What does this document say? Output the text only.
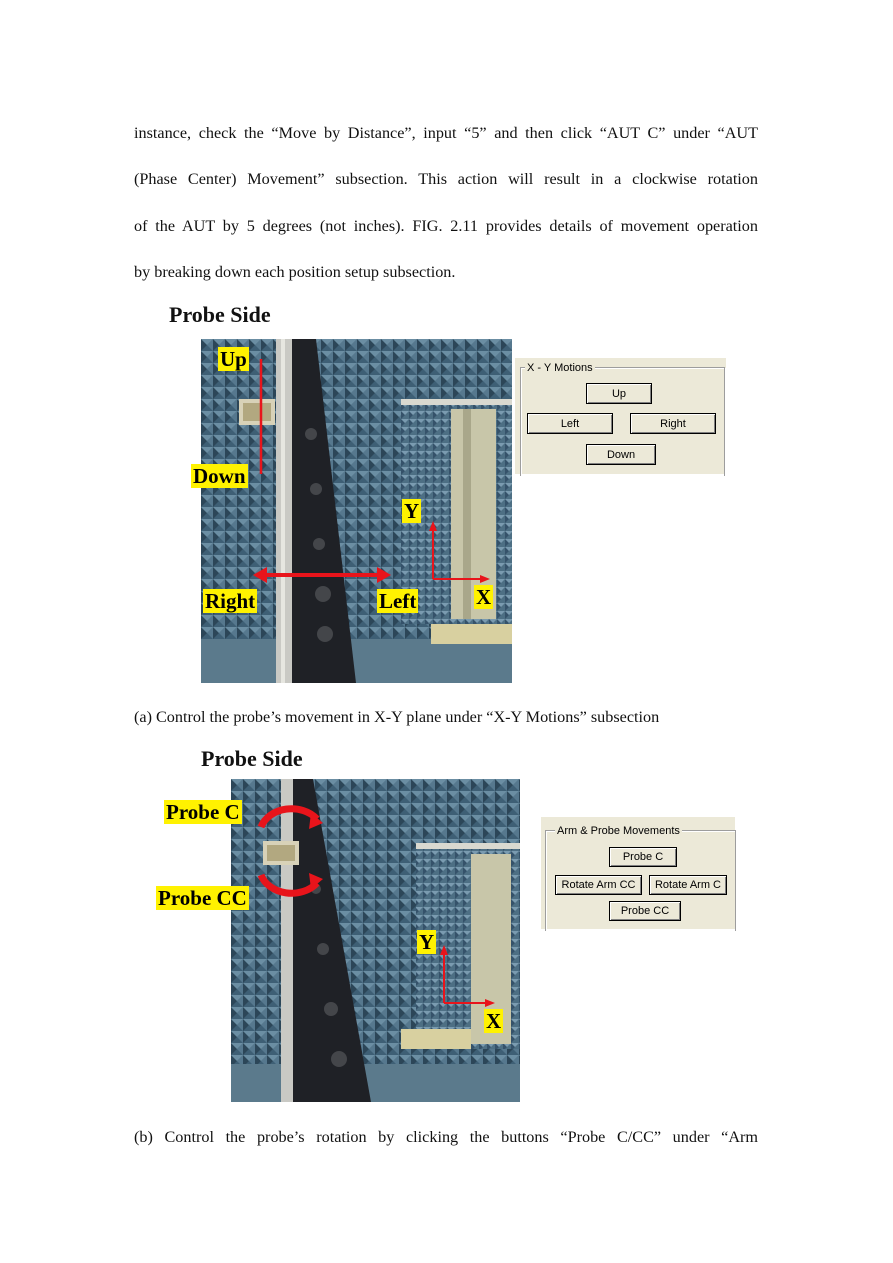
instance, check the “Move by Distance”, input “5” and then click “AUT C” under “AUT
(Phase Center) Movement” subsection. This action will result in a clockwise rotation
of the AUT by 5 degrees (not inches). FIG. 2.11 provides details of movement operation
by breaking down each position setup subsection.
Probe Side
Up
Down
Right	Left
Y
X
X - Y Motions
Up
Left	Right
Down

(a) Control the probe’s movement in X-Y plane under “X-Y Motions” subsection

Probe Side
Y
X
Probe C
Probe CC
Arm & Probe Movements
Probe C
Rotate Arm CC	Rotate Arm C
Probe CC

(b) Control the probe’s rotation by clicking the buttons “Probe C/CC” under “Arm
